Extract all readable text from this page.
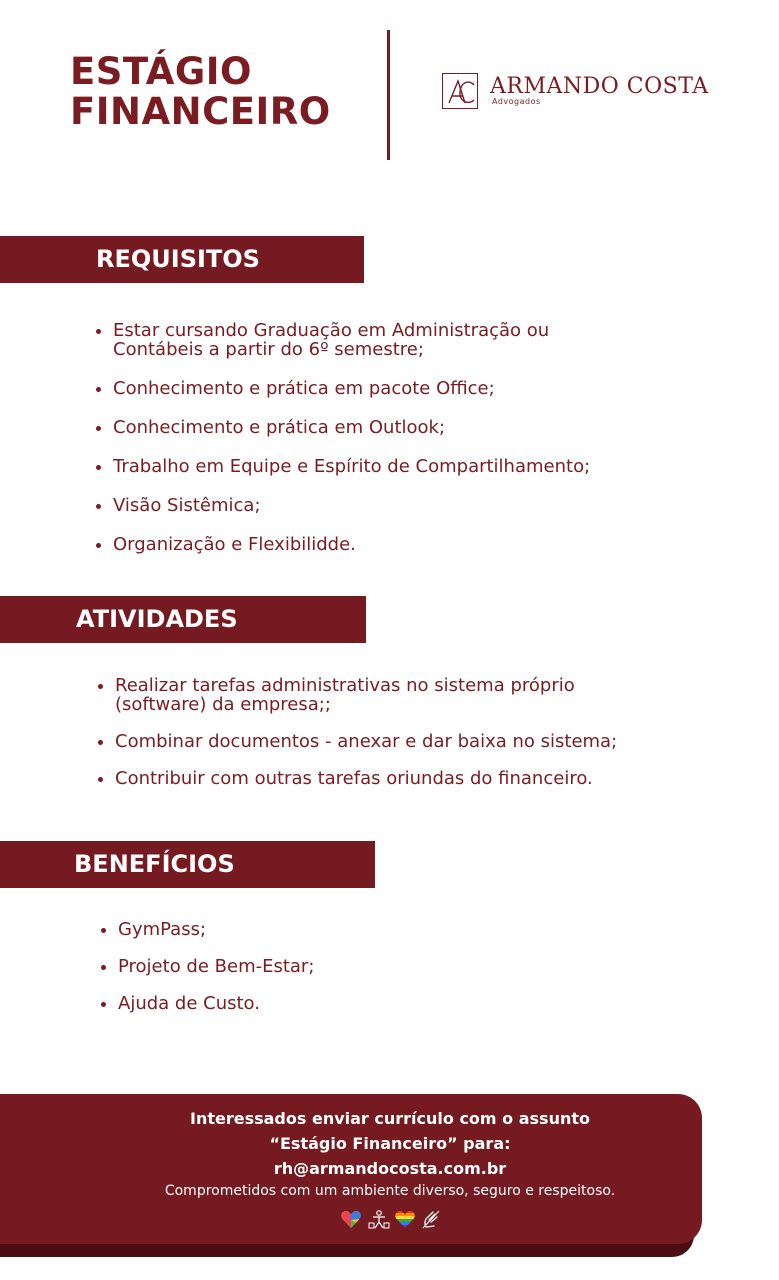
ESTÁGIO
FINANCEIRO
ARMANDO COSTA
Advogados
REQUISITOS
Estar cursando Graduação em Administração ou
Contábeis a partir do 6º semestre;
Conhecimento e prática em pacote Office;
Conhecimento e prática em Outlook;
Trabalho em Equipe e Espírito de Compartilhamento;
Visão Sistêmica;
Organização e Flexibilidde.
ATIVIDADES
Realizar tarefas administrativas no sistema próprio
(software) da empresa;;
Combinar documentos - anexar e dar baixa no sistema;
Contribuir com outras tarefas oriundas do financeiro.
BENEFÍCIOS
GymPass;
Projeto de Bem-Estar;
Ajuda de Custo.
Interessados enviar currículo com o assunto
“Estágio Financeiro” para:
rh@armandocosta.com.br
Comprometidos com um ambiente diverso, seguro e respeitoso.
